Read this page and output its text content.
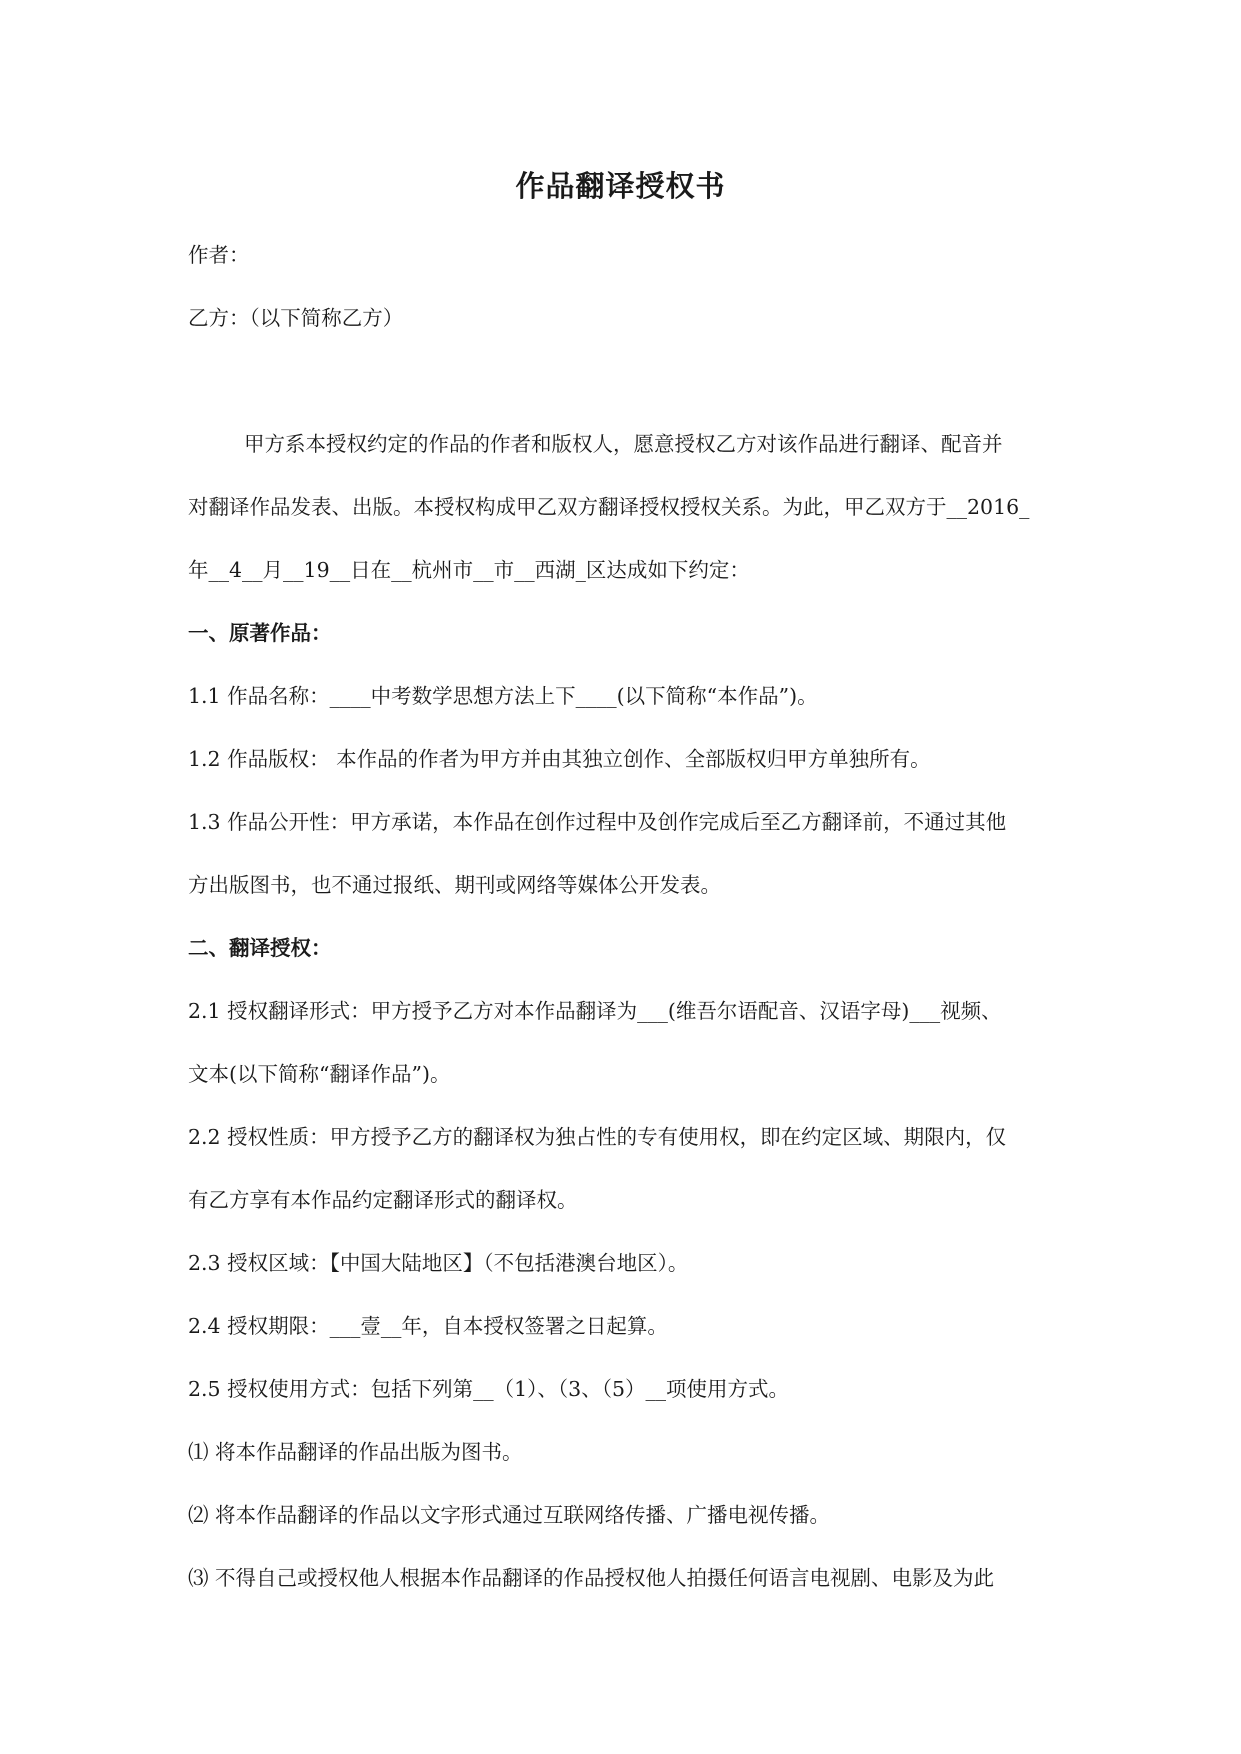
作品翻译授权书
作者：
乙方：（以下简称乙方）
甲方系本授权约定的作品的作者和版权人，愿意授权乙方对该作品进行翻译、配音并
对翻译作品发表、出版。本授权构成甲乙双方翻译授权授权关系。为此，甲乙双方于__2016_
年__4__月__19__日在__杭州市__市__西湖_区达成如下约定：
一、原著作品：
1.1 作品名称：____中考数学思想方法上下____(以下简称“本作品”)。
1.2 作品版权： 本作品的作者为甲方并由其独立创作、全部版权归甲方单独所有。
1.3 作品公开性：甲方承诺，本作品在创作过程中及创作完成后至乙方翻译前，不通过其他
方出版图书，也不通过报纸、期刊或网络等媒体公开发表。
二、翻译授权：
2.1 授权翻译形式：甲方授予乙方对本作品翻译为___(维吾尔语配音、汉语字母)___视频、
文本(以下简称“翻译作品”)。
2.2 授权性质：甲方授予乙方的翻译权为独占性的专有使用权，即在约定区域、期限内，仅
有乙方享有本作品约定翻译形式的翻译权。
2.3 授权区域：【中国大陆地区】（不包括港澳台地区）。
2.4 授权期限：___壹__年，自本授权签署之日起算。
2.5 授权使用方式：包括下列第__（1）、（3、（5）__项使用方式。
⑴ 将本作品翻译的作品出版为图书。
⑵ 将本作品翻译的作品以文字形式通过互联网络传播、广播电视传播。
⑶ 不得自己或授权他人根据本作品翻译的作品授权他人拍摄任何语言电视剧、电影及为此
